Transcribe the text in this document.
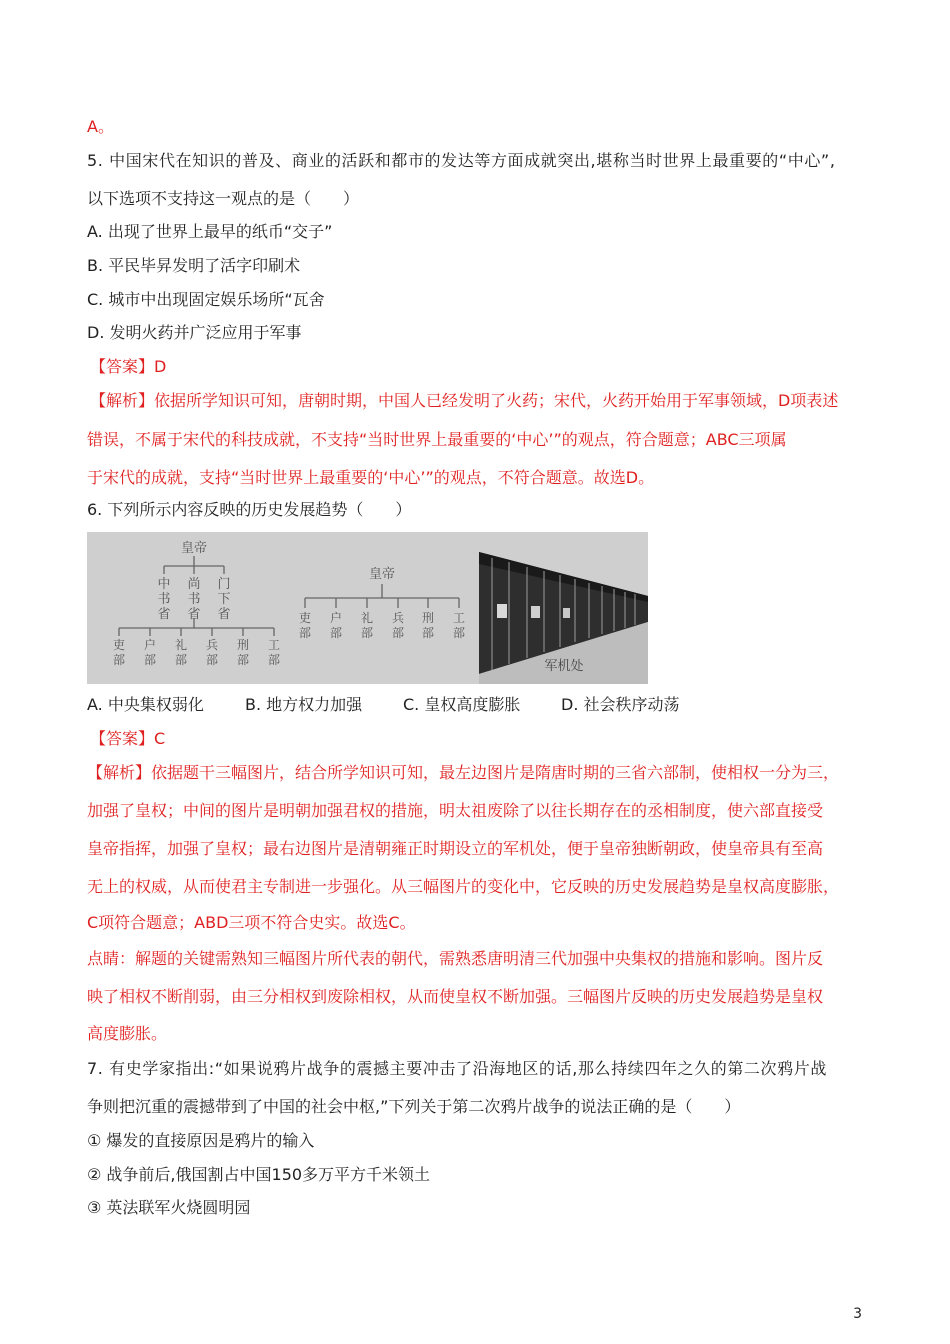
A。
5. 中国宋代在知识的普及、商业的活跃和都市的发达等方面成就突出,堪称当时世界上最重要的“中心”,
以下选项不支持这一观点的是（　　）
A. 出现了世界上最早的纸币“交子”
B. 平民毕昇发明了活字印刷术
C. 城市中出现固定娱乐场所“瓦舍
D. 发明火药并广泛应用于军事
【答案】D
【解析】依据所学知识可知，唐朝时期，中国人已经发明了火药；宋代，火药开始用于军事领域，D项表述
错误，不属于宋代的科技成就，不支持“当时世界上最重要的‘中心’”的观点，符合题意；ABC三项属
于宋代的成就，支持“当时世界上最重要的‘中心’”的观点，不符合题意。故选D。
6. 下列所示内容反映的历史发展趋势（　　）
皇帝
中
书
省
尚
书
省
门
下
省
吏
部
户
部
礼
部
兵
部
刑
部
工
部
皇帝
吏
部
户
部
礼
部
兵
部
刑
部
工
部
军机处
A. 中央集权弱化	B. 地方权力加强	C. 皇权高度膨胀	D. 社会秩序动荡
【答案】C
【解析】依据题干三幅图片，结合所学知识可知，最左边图片是隋唐时期的三省六部制，使相权一分为三，
加强了皇权；中间的图片是明朝加强君权的措施，明太祖废除了以往长期存在的丞相制度，使六部直接受
皇帝指挥，加强了皇权；最右边图片是清朝雍正时期设立的军机处，便于皇帝独断朝政，使皇帝具有至高
无上的权威，从而使君主专制进一步强化。从三幅图片的变化中，它反映的历史发展趋势是皇权高度膨胀，
C项符合题意；ABD三项不符合史实。故选C。
点睛：解题的关键需熟知三幅图片所代表的朝代，需熟悉唐明清三代加强中央集权的措施和影响。图片反
映了相权不断削弱，由三分相权到废除相权，从而使皇权不断加强。三幅图片反映的历史发展趋势是皇权
高度膨胀。
7. 有史学家指出:“如果说鸦片战争的震撼主要冲击了沿海地区的话,那么持续四年之久的第二次鸦片战
争则把沉重的震撼带到了中国的社会中枢,”下列关于第二次鸦片战争的说法正确的是（　　）
① 爆发的直接原因是鸦片的输入
② 战争前后,俄国割占中国150多万平方千米领土
③ 英法联军火烧圆明园
3
